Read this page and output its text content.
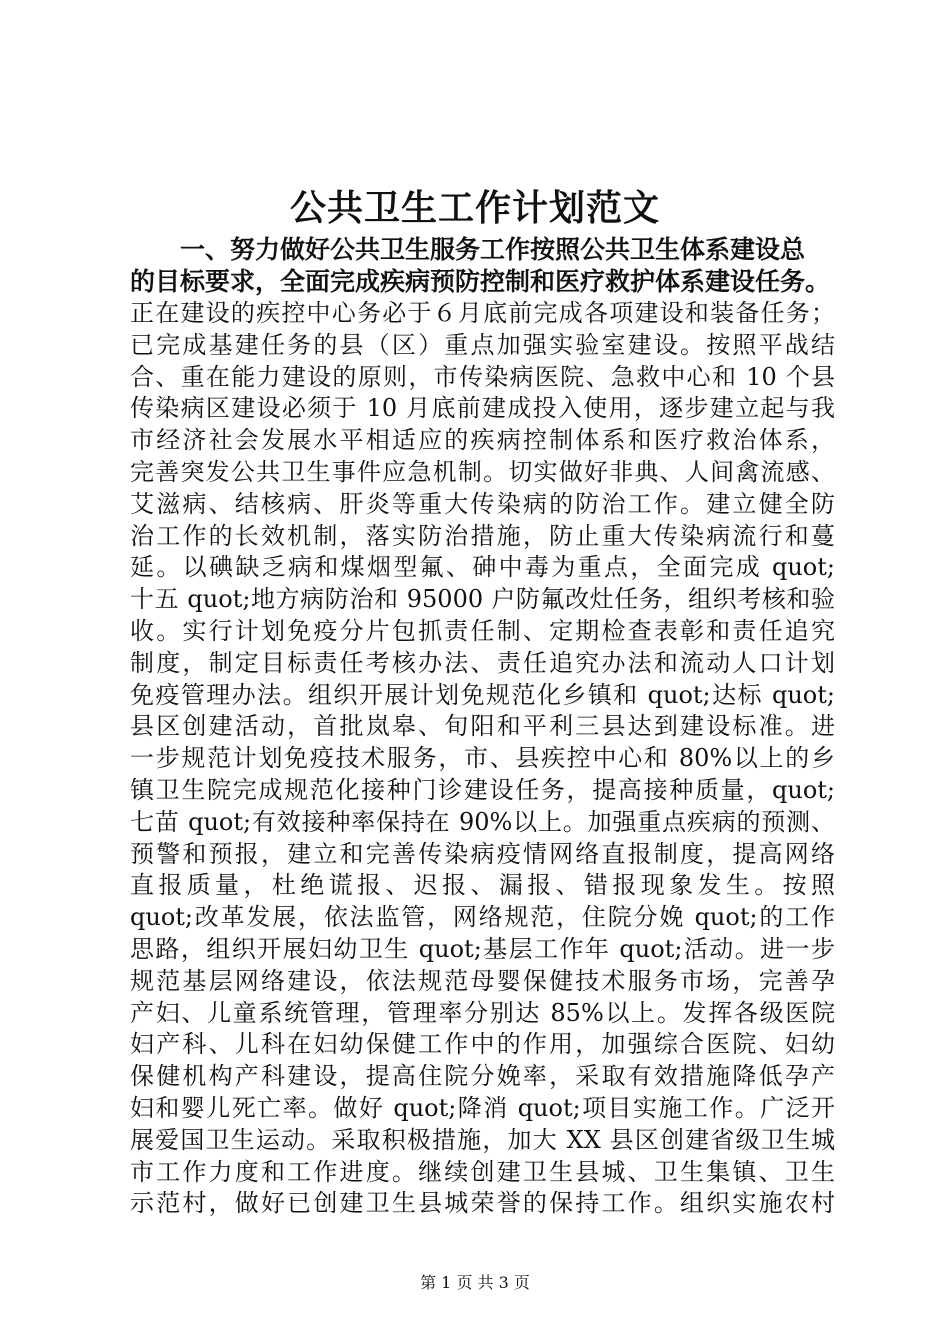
公共卫生工作计划范文
一、努力做好公共卫生服务工作按照公共卫生体系建设总
的目标要求，全面完成疾病预防控制和医疗救护体系建设任务。
正在建设的疾控中心务必于６月底前完成各项建设和装备任务；
已完成基建任务的县（区）重点加强实验室建设。按照平战结
合、重在能力建设的原则，市传染病医院、急救中心和 10 个县
传染病区建设必须于 10 月底前建成投入使用，逐步建立起与我
市经济社会发展水平相适应的疾病控制体系和医疗救治体系，
完善突发公共卫生事件应急机制。切实做好非典、人间禽流感、
艾滋病、结核病、肝炎等重大传染病的防治工作。建立健全防
治工作的长效机制，落实防治措施，防止重大传染病流行和蔓
延。以碘缺乏病和煤烟型氟、砷中毒为重点，全面完成 quot;
十五 quot;地方病防治和 95000 户防氟改灶任务，组织考核和验
收。实行计划免疫分片包抓责任制、定期检查表彰和责任追究
制度，制定目标责任考核办法、责任追究办法和流动人口计划
免疫管理办法。组织开展计划免规范化乡镇和 quot;达标 quot;
县区创建活动，首批岚皋、旬阳和平利三县达到建设标准。进
一步规范计划免疫技术服务，市、县疾控中心和 80%以上的乡
镇卫生院完成规范化接种门诊建设任务，提高接种质量，quot;
七苗 quot;有效接种率保持在 90%以上。加强重点疾病的预测、
预警和预报，建立和完善传染病疫情网络直报制度，提高网络
直报质量，杜绝谎报、迟报、漏报、错报现象发生。按照
quot;改革发展，依法监管，网络规范，住院分娩 quot;的工作
思路，组织开展妇幼卫生 quot;基层工作年 quot;活动。进一步
规范基层网络建设，依法规范母婴保健技术服务市场，完善孕
产妇、儿童系统管理，管理率分别达 85%以上。发挥各级医院
妇产科、儿科在妇幼保健工作中的作用，加强综合医院、妇幼
保健机构产科建设，提高住院分娩率，采取有效措施降低孕产
妇和婴儿死亡率。做好 quot;降消 quot;项目实施工作。广泛开
展爱国卫生运动。采取积极措施，加大 XX 县区创建省级卫生城
市工作力度和工作进度。继续创建卫生县城、卫生集镇、卫生
示范村，做好已创建卫生县城荣誉的保持工作。组织实施农村
第 1 页 共 3 页
